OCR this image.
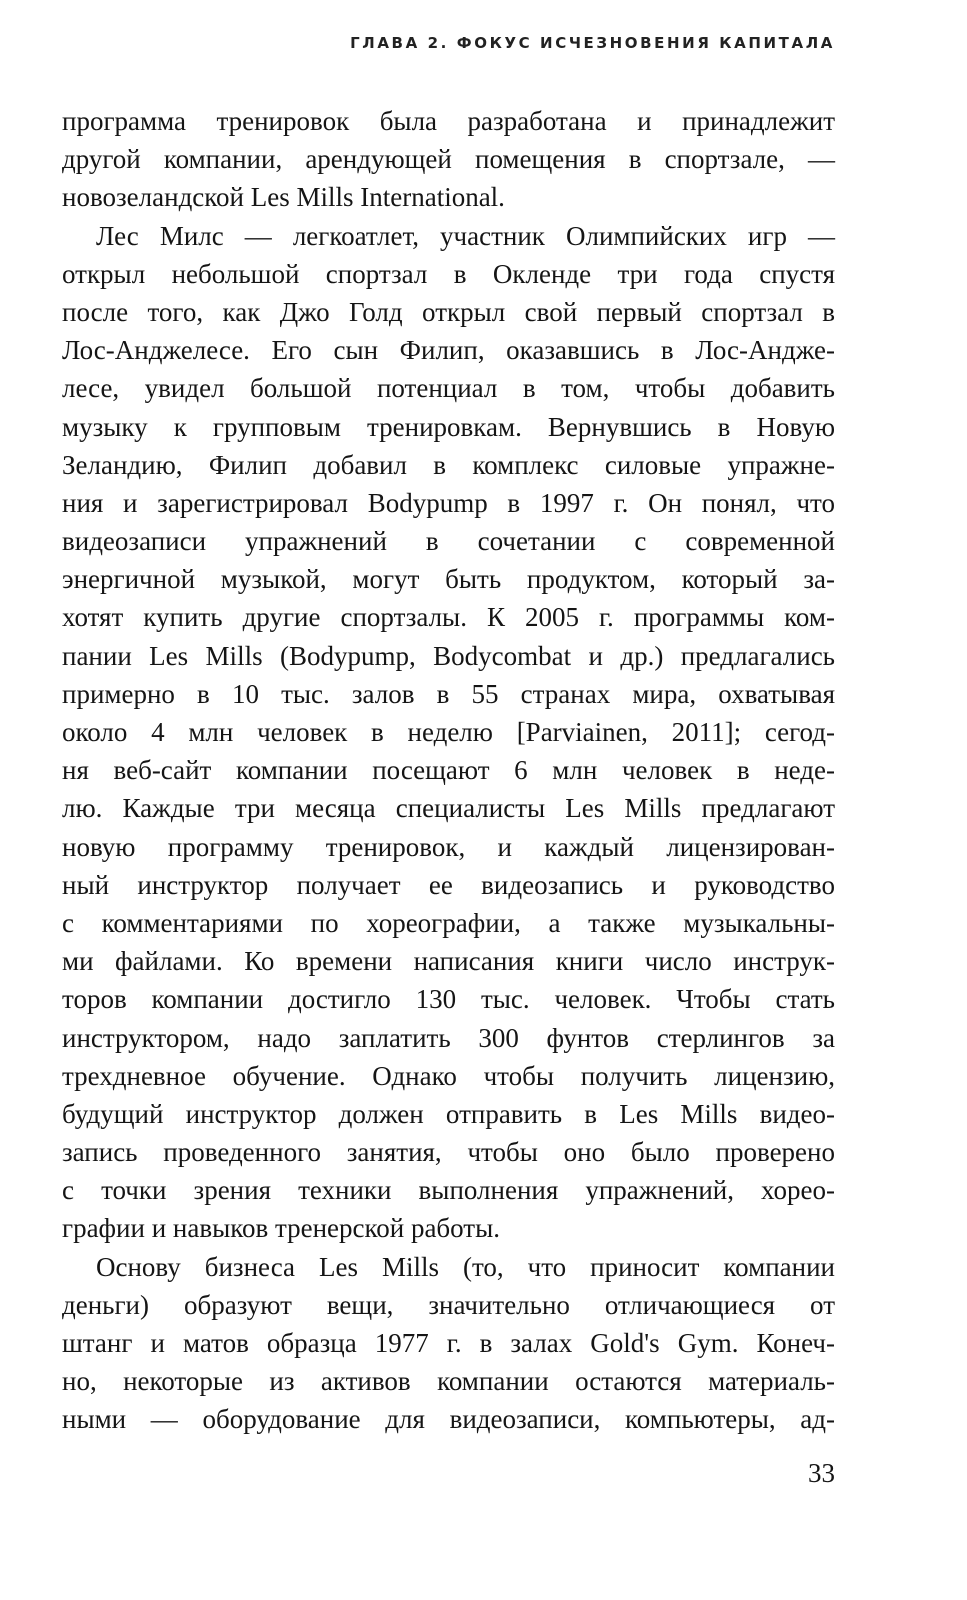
ГЛАВА 2. ФОКУС ИСЧЕЗНОВЕНИЯ КАПИТАЛА
программа тренировок была разработана и принадлежит
другой компании, арендующей помещения в спортзале, —
новозеландской Les Mills International.
Лес Милс — легкоатлет, участник Олимпийских игр —
открыл небольшой спортзал в Окленде три года спустя
после того, как Джо Голд открыл свой первый спортзал в
Лос-Анджелесе. Его сын Филип, оказавшись в Лос-Андже-
лесе, увидел большой потенциал в том, чтобы добавить
музыку к групповым тренировкам. Вернувшись в Новую
Зеландию, Филип добавил в комплекс силовые упражне-
ния и зарегистрировал Bodypump в 1997 г. Он понял, что
видеозаписи упражнений в сочетании с современной
энергичной музыкой, могут быть продуктом, который за-
хотят купить другие спортзалы. К 2005 г. программы ком-
пании Les Mills (Bodypump, Bodycombat и др.) предлагались
примерно в 10 тыс. залов в 55 странах мира, охватывая
около 4 млн человек в неделю [Parviainen, 2011]; сегод-
ня веб-сайт компании посещают 6 млн человек в неде-
лю. Каждые три месяца специалисты Les Mills предлагают
новую программу тренировок, и каждый лицензирован-
ный инструктор получает ее видеозапись и руководство
с комментариями по хореографии, а также музыкальны-
ми файлами. Ко времени написания книги число инструк-
торов компании достигло 130 тыс. человек. Чтобы стать
инструктором, надо заплатить 300 фунтов стерлингов за
трехдневное обучение. Однако чтобы получить лицензию,
будущий инструктор должен отправить в Les Mills видео-
запись проведенного занятия, чтобы оно было проверено
с точки зрения техники выполнения упражнений, хорео-
графии и навыков тренерской работы.
Основу бизнеса Les Mills (то, что приносит компании
деньги) образуют вещи, значительно отличающиеся от
штанг и матов образца 1977 г. в залах Gold's Gym. Конеч-
но, некоторые из активов компании остаются материаль-
ными — оборудование для видеозаписи, компьютеры, ад-
33
